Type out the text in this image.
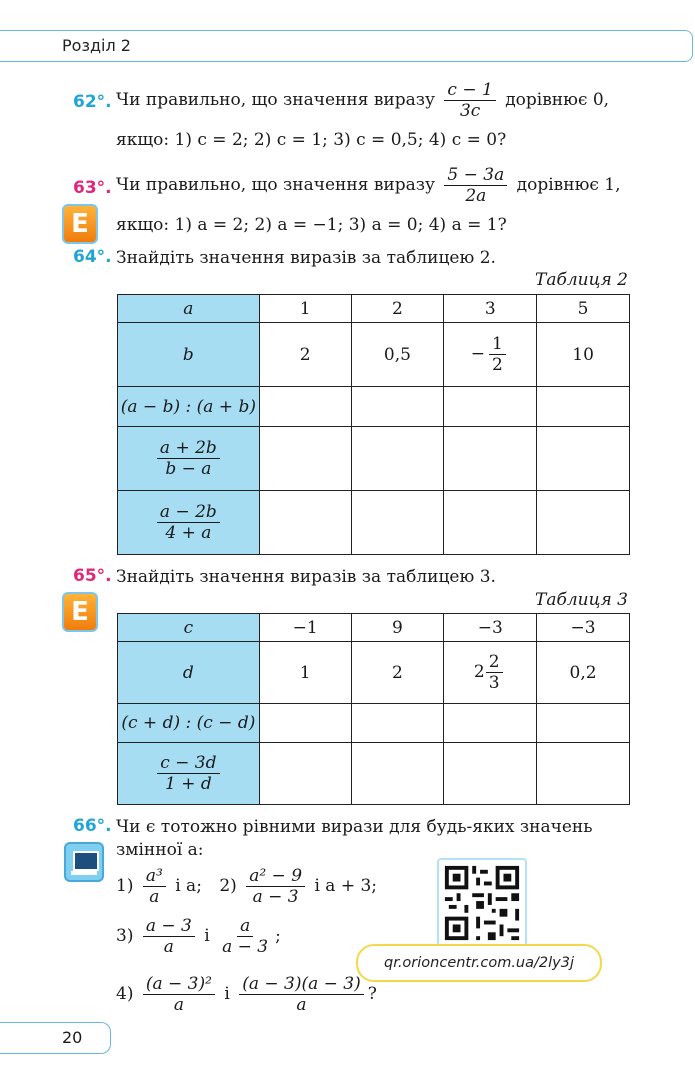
Розділ 2
62°. Чи правильно, що значення виразу $\frac{c - 1}{3c}$ дорівнює 0,
якщо: 1) c = 2; 2) c = 1; 3) c = 0,5; 4) c = 0?
63°. Чи правильно, що значення виразу $\frac{5 - 3a}{2a}$ дорівнює 1,
E	якщо: 1) a = 2; 2) a = −1; 3) a = 0; 4) a = 1?
64°. Знайдіть значення виразів за таблицею 2.
Таблиця 2
a	1	2	3	5
b	2	0,5	− $\frac{1}{2}$	10
(a − b) : (a + b)				

$\frac{a + 2b}{b - a}$

$\frac{a - 2b}{4 + a}$

65°. Знайдіть значення виразів за таблицею 3.
E	Таблиця 3
c	−1	9	−3	−3
d	1	2	$2 \frac{2}{3}$	0,2
(c + d) : (c − d)				

$\frac{c - 3d}{1 + d}$

66°. Чи є тотожно рівними вирази для будь-яких значень
змінної a:
$1) \frac{\text{a³}}{a}$ і a; $2) \frac{\text{a² − 9}}{a - 3}$ і a + 3;
$3) \frac{a - 3}{a}$ і $\frac{a}{a - 3}$ ;
$4) \frac{\text{(a − 3)²}}{a}$ і $\frac{(a - 3)(a - 3)}{a}$ ?
qr.orioncentr.com.ua/2ly3j
20
